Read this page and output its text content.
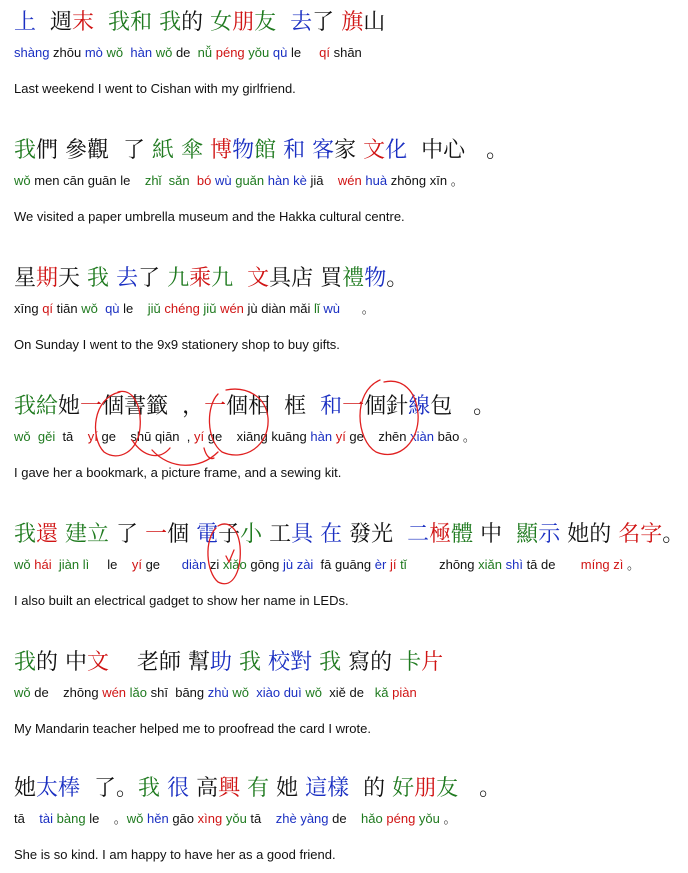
上 週末 我和 我的 女朋友 去了 旗山
shàng zhōu mò wǒ hàn wǒ de  nǚ péng yǒu qù le     qí shān
Last weekend I went to Cishan with my girlfriend.
我們 參觀  了 紙 傘 博物館 和 客家 文化  中心   。
wǒ men cān guān le    zhǐ sǎn bó wù guǎn hàn kè jiā    wén huà zhōng xīn 。
We visited a paper umbrella museum and the Hakka cultural centre.
星期天 我 去了 九乘九 文具店 買禮物。
xīng qí tiān wǒ qù le    jiǔ chéng jiǔ wén jù diàn mǎi lǐ wù      。
On Sunday I went to the 9x9 stationery shop to buy gifts.
我給她一個書籤  ，一個相  框 和一個針線包   。
wǒ gěi  tā    yí ge    shū qiān  , yí ge    xiāng kuāng hàn yí ge    zhēn xiàn bāo 。
I gave her a bookmark, a picture frame, and a sewing kit.
我還 建立 了 一個 電子小 工具 在 發光  二極體 中  顯示 她的 名字。
wǒ hái jiàn lì     le    yí ge      diàn zi xiǎo gōng jù zài  fā guāng èr jí tǐ         zhōng xiǎn shì tā de       míng zì 。
I also built an electrical gadget to show her name in LEDs.
我的 中文    老師 幫助 我 校對 我 寫的 卡片
wǒ de    zhōng wén lǎo shī  bāng zhù wǒ xiào duì wǒ  xiě de   kǎ piàn
My Mandarin teacher helped me to proofread the card I wrote.
她太棒  了。我 很 高興 有 她 這樣  的 好朋友   。
tā    tài bàng le    。wǒ hěn gāo xìng yǒu tā    zhè yàng de    hǎo péng yǒu 。
She is so kind. I am happy to have her as a good friend.
